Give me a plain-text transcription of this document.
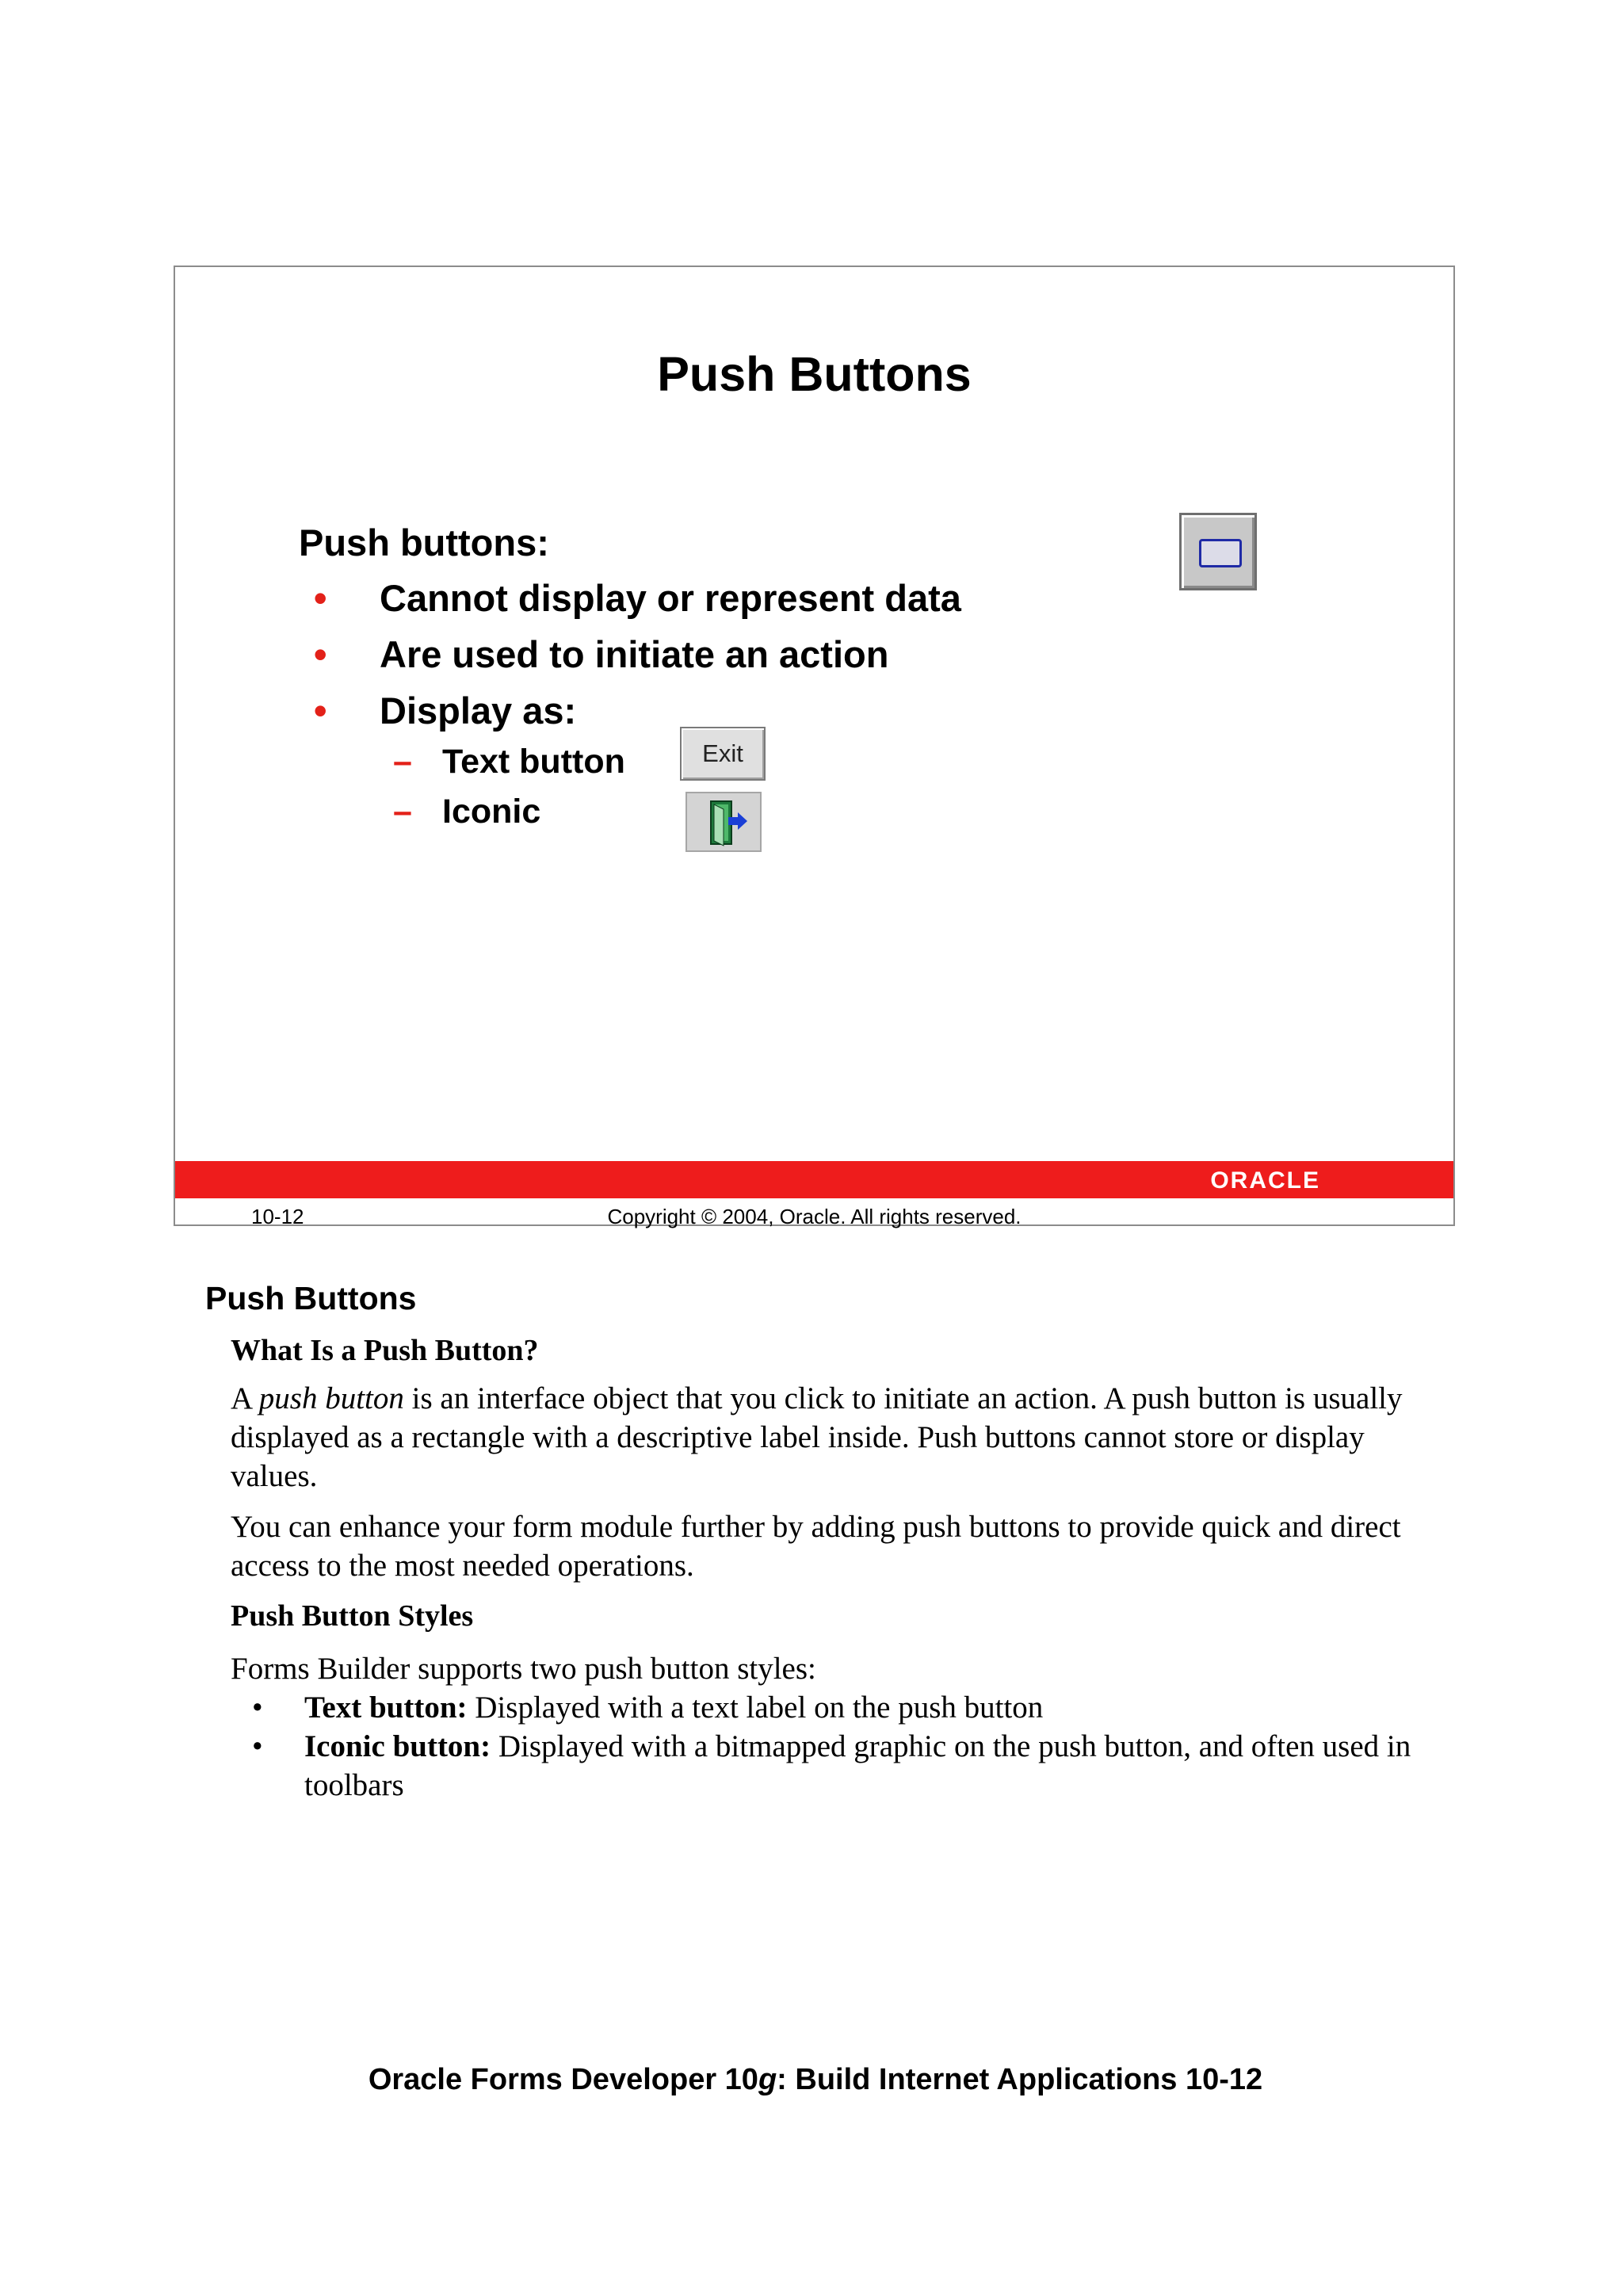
Push Buttons
Push buttons:
• Cannot display or represent data
• Are used to initiate an action
• Display as:
– Text button
– Iconic
Exit
ORACLE
10-12	Copyright © 2004, Oracle. All rights reserved.
Push Buttons
What Is a Push Button?
A push button is an interface object that you click to initiate an action. A push button is usually displayed as a rectangle with a descriptive label inside. Push buttons cannot store or display values.
You can enhance your form module further by adding push buttons to provide quick and direct access to the most needed operations.
Push Button Styles
Forms Builder supports two push button styles:
• Text button: Displayed with a text label on the push button
• Iconic button: Displayed with a bitmapped graphic on the push button, and often used in toolbars
Oracle Forms Developer 10g: Build Internet Applications 10-12
